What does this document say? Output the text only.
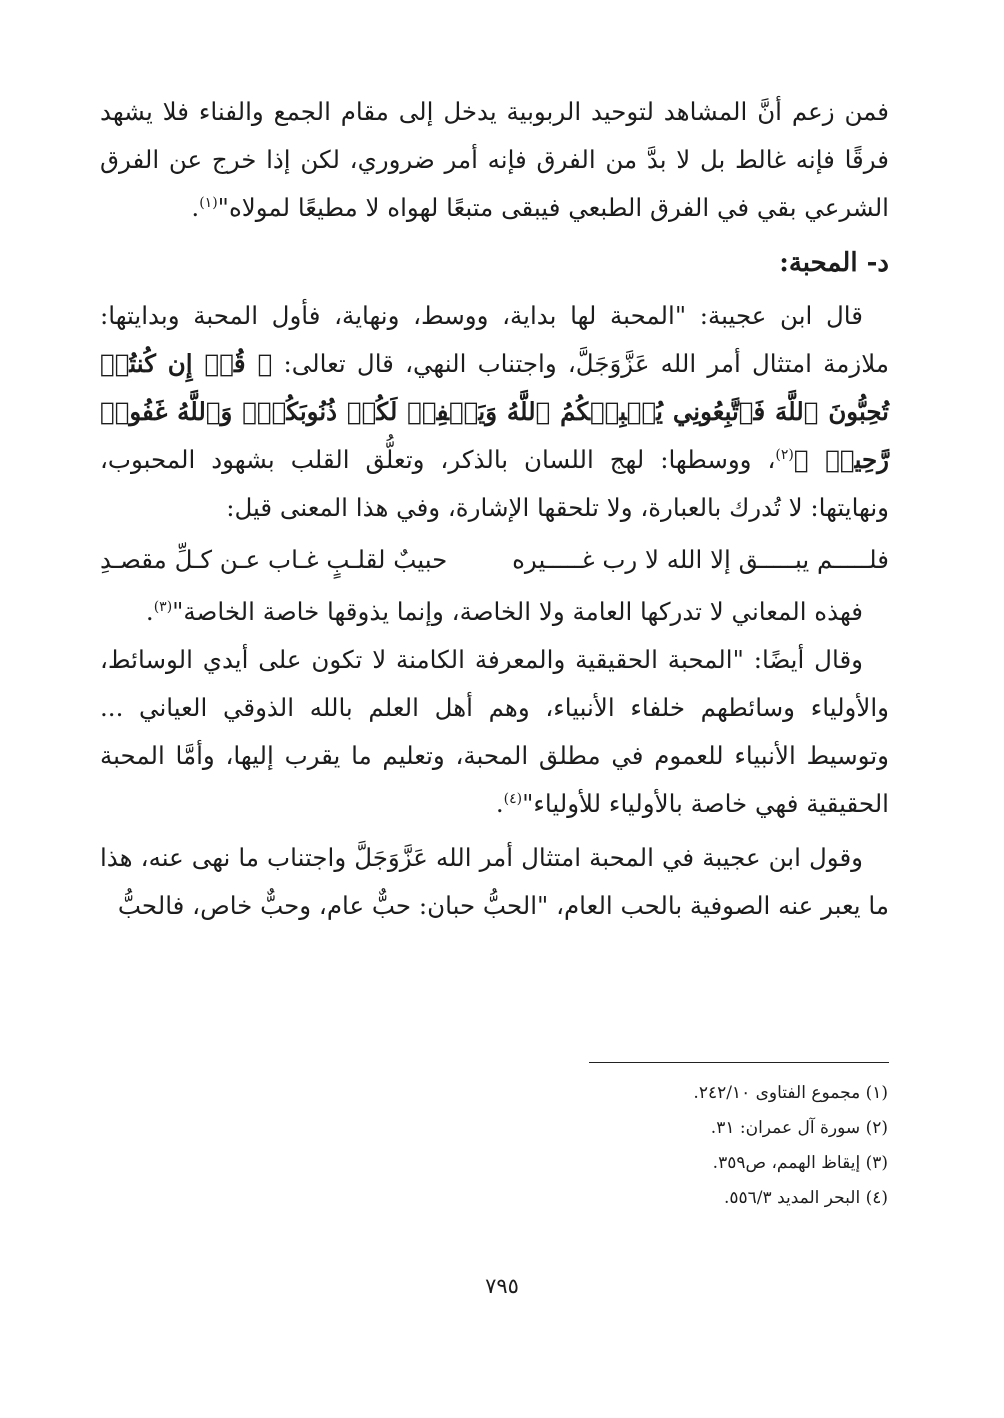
فمن زعم أنَّ المشاهد لتوحيد الربوبية يدخل إلى مقام الجمع والفناء فلا يشهد فرقًا فإنه غالط بل لا بدَّ من الفرق فإنه أمر ضروري، لكن إذا خرج عن الفرق الشرعي بقي في الفرق الطبعي فيبقى متبعًا لهواه لا مطيعًا لمولاه"$^{(١)}$.

د- المحبة:

قال ابن عجيبة: "المحبة لها بداية، ووسط، ونهاية، فأول المحبة وبدايتها: ملازمة امتثال أمر الله عَزَّوَجَلَّ، واجتناب النهي، قال تعالى: ﴿ قُلۡ إِن كُنتُمۡ تُحِبُّونَ ٱللَّهَ فَٱتَّبِعُونِي يُحۡبِبۡكُمُ ٱللَّهُ وَيَغۡفِرۡ لَكُمۡ ذُنُوبَكُمۡۚ وَٱللَّهُ غَفُورٞ رَّحِيمٞ ﴾$^{(٢)}$، ووسطها: لهج اللسان بالذكر، وتعلُّق القلب بشهود المحبوب، ونهايتها: لا تُدرك بالعبارة، ولا تلحقها الإشارة، وفي هذا المعنى قيل:

فلـــــم يبـــــق إلا الله لا رب غـــــيره
حبيبٌ لقلـبٍ غـاب عـن كـلِّ مقصـدِ

فهذه المعاني لا تدركها العامة ولا الخاصة، وإنما يذوقها خاصة الخاصة"$^{(٣)}$.

وقال أيضًا: "المحبة الحقيقية والمعرفة الكامنة لا تكون على أيدي الوسائط، والأولياء وسائطهم خلفاء الأنبياء، وهم أهل العلم بالله الذوقي العياني ... وتوسيط الأنبياء للعموم في مطلق المحبة، وتعليم ما يقرب إليها، وأمَّا المحبة الحقيقية فهي خاصة بالأولياء للأولياء"$^{(٤)}$.

وقول ابن عجيبة في المحبة امتثال أمر الله عَزَّوَجَلَّ واجتناب ما نهى عنه، هذا ما يعبر عنه الصوفية بالحب العام، "الحبُّ حبان: حبٌّ عام، وحبٌّ خاص، فالحبُّ

(١) مجموع الفتاوى ٢٤٢/١٠.
(٢) سورة آل عمران: ٣١.
(٣) إيقاظ الهمم، ص٣٥٩.
(٤) البحر المديد ٥٥٦/٣.
٧٩٥
